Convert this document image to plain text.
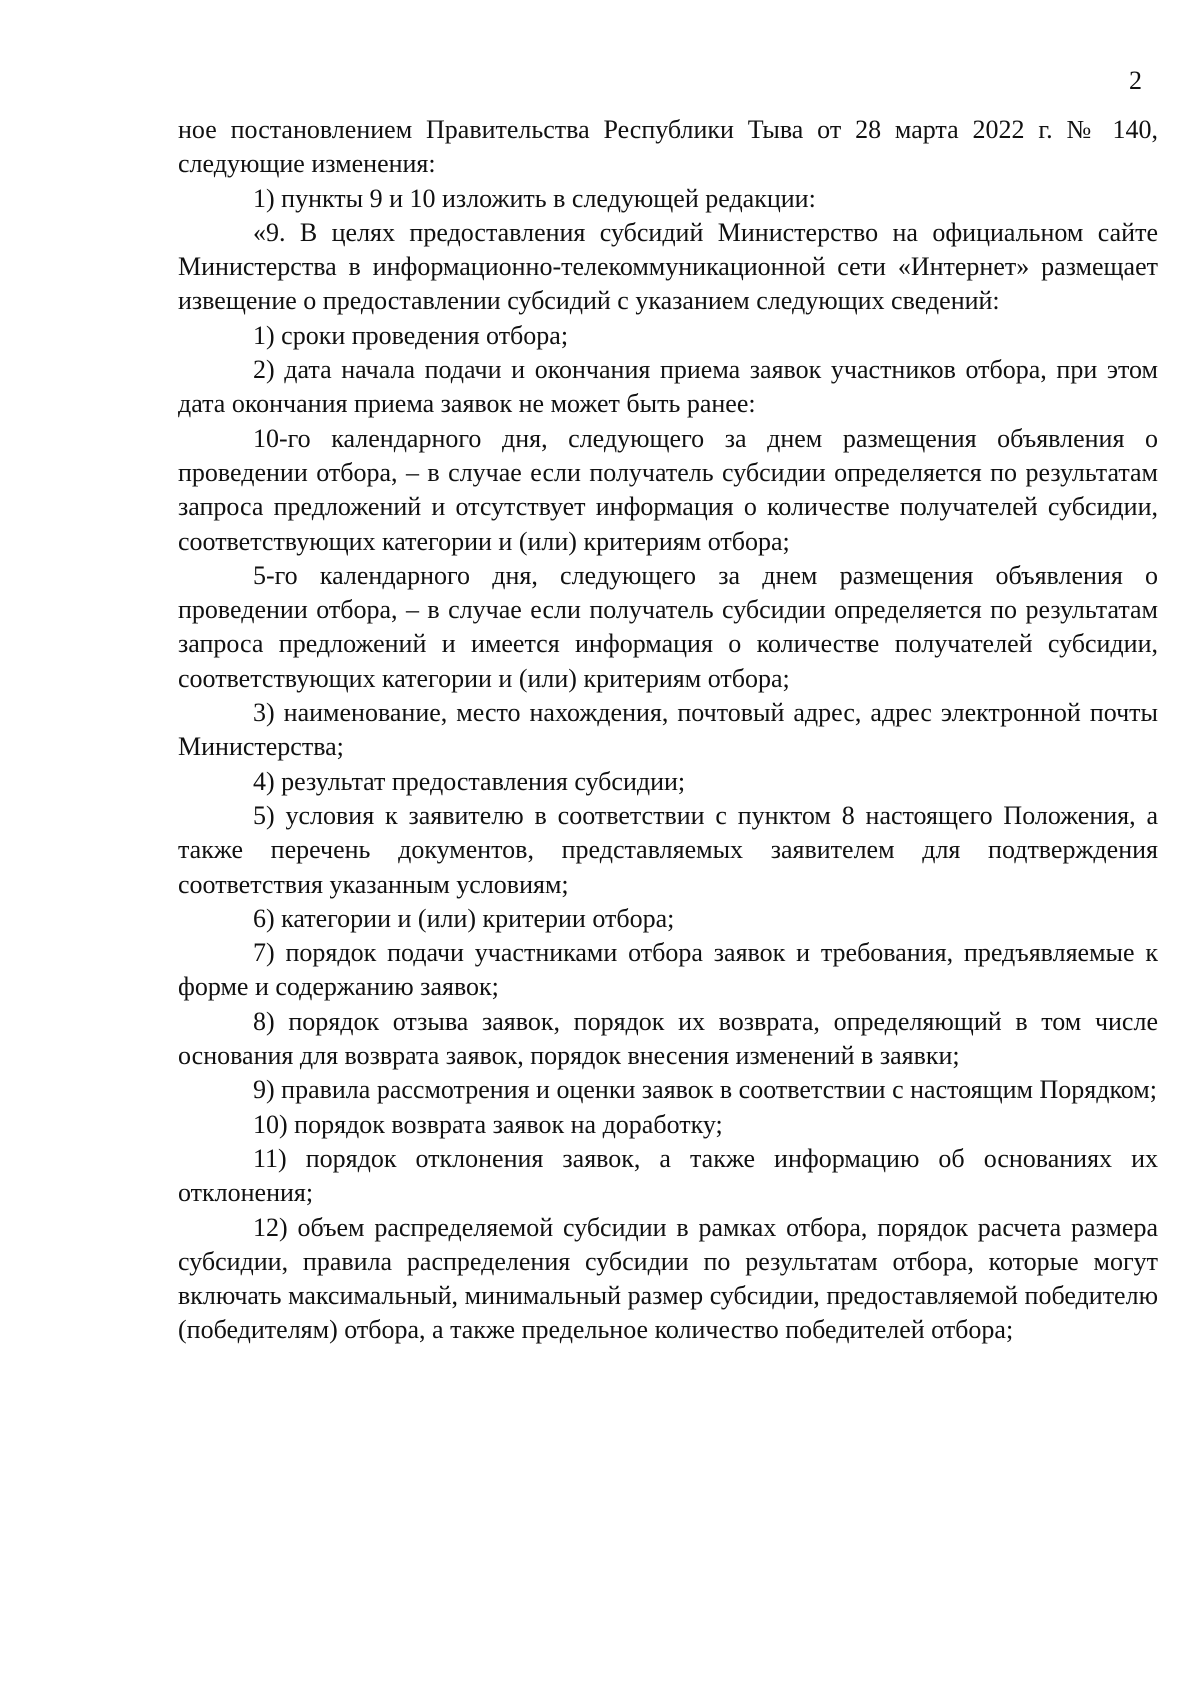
2

ное постановлением Правительства Республики Тыва от 28 марта 2022 г. № 140, следующие изменения:

1) пункты 9 и 10 изложить в следующей редакции:

«9. В целях предоставления субсидий Министерство на официальном сайте Министерства в информационно-телекоммуникационной сети «Интернет» размещает извещение о предоставлении субсидий с указанием следующих сведений:

1) сроки проведения отбора;

2) дата начала подачи и окончания приема заявок участников отбора, при этом дата окончания приема заявок не может быть ранее:

10-го календарного дня, следующего за днем размещения объявления о проведении отбора, – в случае если получатель субсидии определяется по результатам запроса предложений и отсутствует информация о количестве получателей субсидии, соответствующих категории и (или) критериям отбора;

5-го календарного дня, следующего за днем размещения объявления о проведении отбора, – в случае если получатель субсидии определяется по результатам запроса предложений и имеется информация о количестве получателей субсидии, соответствующих категории и (или) критериям отбора;

3) наименование, место нахождения, почтовый адрес, адрес электронной почты Министерства;

4) результат предоставления субсидии;

5) условия к заявителю в соответствии с пунктом 8 настоящего Положения, а также перечень документов, представляемых заявителем для подтверждения соответствия указанным условиям;

6) категории и (или) критерии отбора;

7) порядок подачи участниками отбора заявок и требования, предъявляемые к форме и содержанию заявок;

8) порядок отзыва заявок, порядок их возврата, определяющий в том числе основания для возврата заявок, порядок внесения изменений в заявки;

9) правила рассмотрения и оценки заявок в соответствии с настоящим Порядком;

10) порядок возврата заявок на доработку;

11) порядок отклонения заявок, а также информацию об основаниях их отклонения;

12) объем распределяемой субсидии в рамках отбора, порядок расчета размера субсидии, правила распределения субсидии по результатам отбора, которые могут включать максимальный, минимальный размер субсидии, предоставляемой победителю (победителям) отбора, а также предельное количество победителей отбора;
